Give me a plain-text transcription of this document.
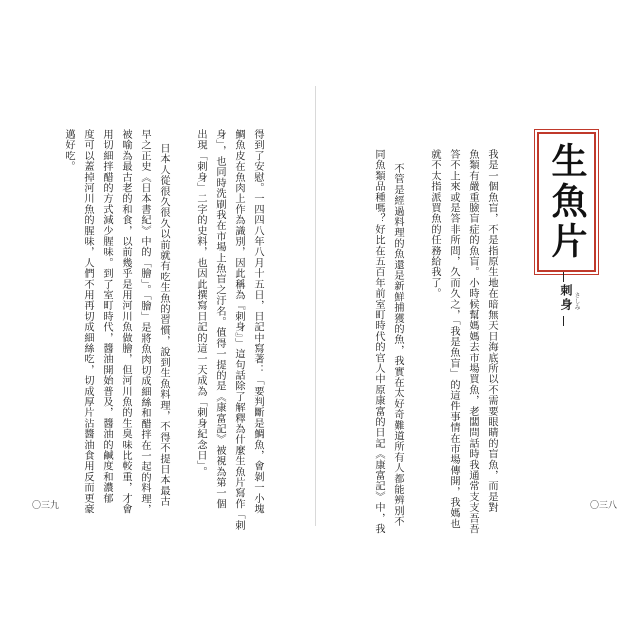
我是一個魚盲，不是指原生地在暗無天日海底所以不需要眼睛的盲魚，而是對
魚類有嚴重臉盲症的魚盲。小時候幫媽媽去市場買魚，老闆問話時我通常支支吾吾
答不上來或是答非所問，久而久之，「我是魚盲」的這件事情在市場傳開，我媽也
就不太指派買魚的任務給我了。
不管是經過料理的魚還是新鮮捕獲的魚，我實在太好奇難道所有人都能辨別不
同魚類品種嗎？好比在五百年前室町時代的官人中原康富的日記《康富記》中，我
得到了安慰。一四四八年八月十五日，日記中寫著：「要判斷是鯛魚，會剝一小塊
鯛魚皮在魚肉上作為識別，因此稱為『刺身』」這句話除了解釋為什麼生魚片寫作「刺
身」，也同時洗刷我在市場上魚盲之汙名。值得一提的是《康富記》被視為第一個
出現「刺身」二字的史料，也因此撰寫日記的這一天成為「刺身紀念日」。
日本人從很久很久以前就有吃生魚的習慣，說到生魚料理，不得不提日本最古
早之正史《日本書紀》中的「膾」。「膾」是將魚肉切成細絲和醋拌在一起的料理，
被喻為最古老的和食，以前幾乎是用河川魚做膾，但河川魚的生臭味比較重，才會
用切細拌醋的方式減少腥味。到了室町時代，醬油開始普及，醬油的鹹度和濃郁
度可以蓋掉河川魚的腥味，人們不用再切成細絲吃，切成厚片沾醬油食用反而更豪
邁好吃。	生魚片
刺身 さしみ
〇三八
〇三九
